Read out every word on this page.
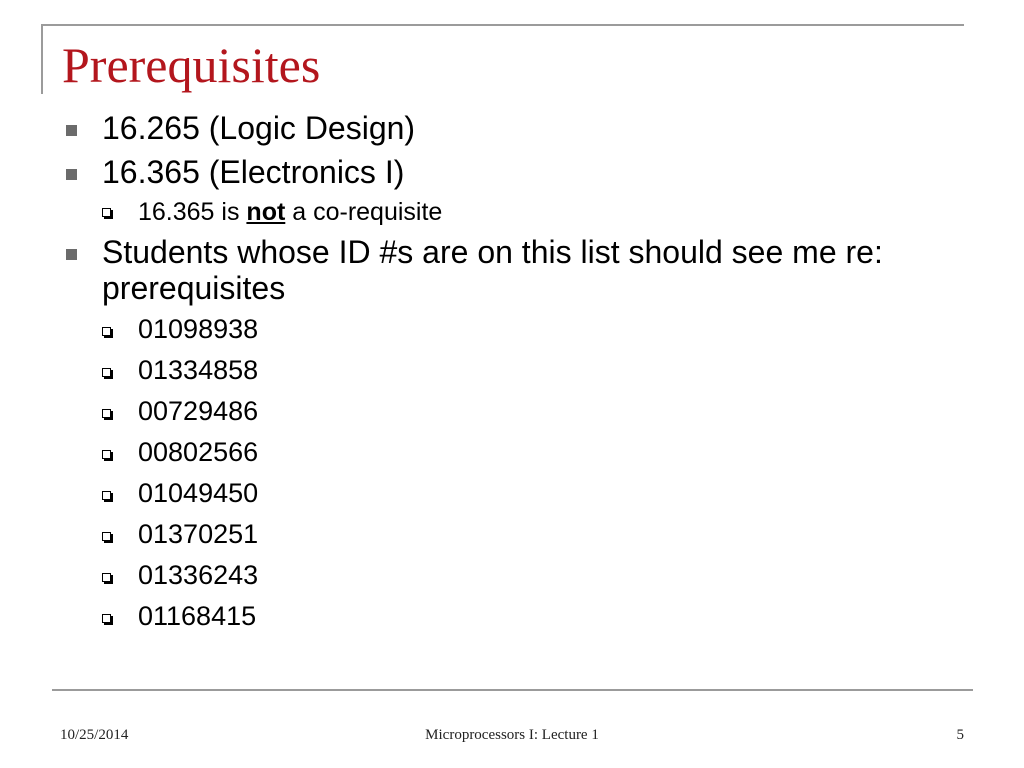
Prerequisites
16.265 (Logic Design)
16.365 (Electronics I)
16.365 is not a co-requisite
Students whose ID #s are on this list should see me re: prerequisites
01098938
01334858
00729486
00802566
01049450
01370251
01336243
01168415
10/25/2014	Microprocessors I: Lecture 1	5
